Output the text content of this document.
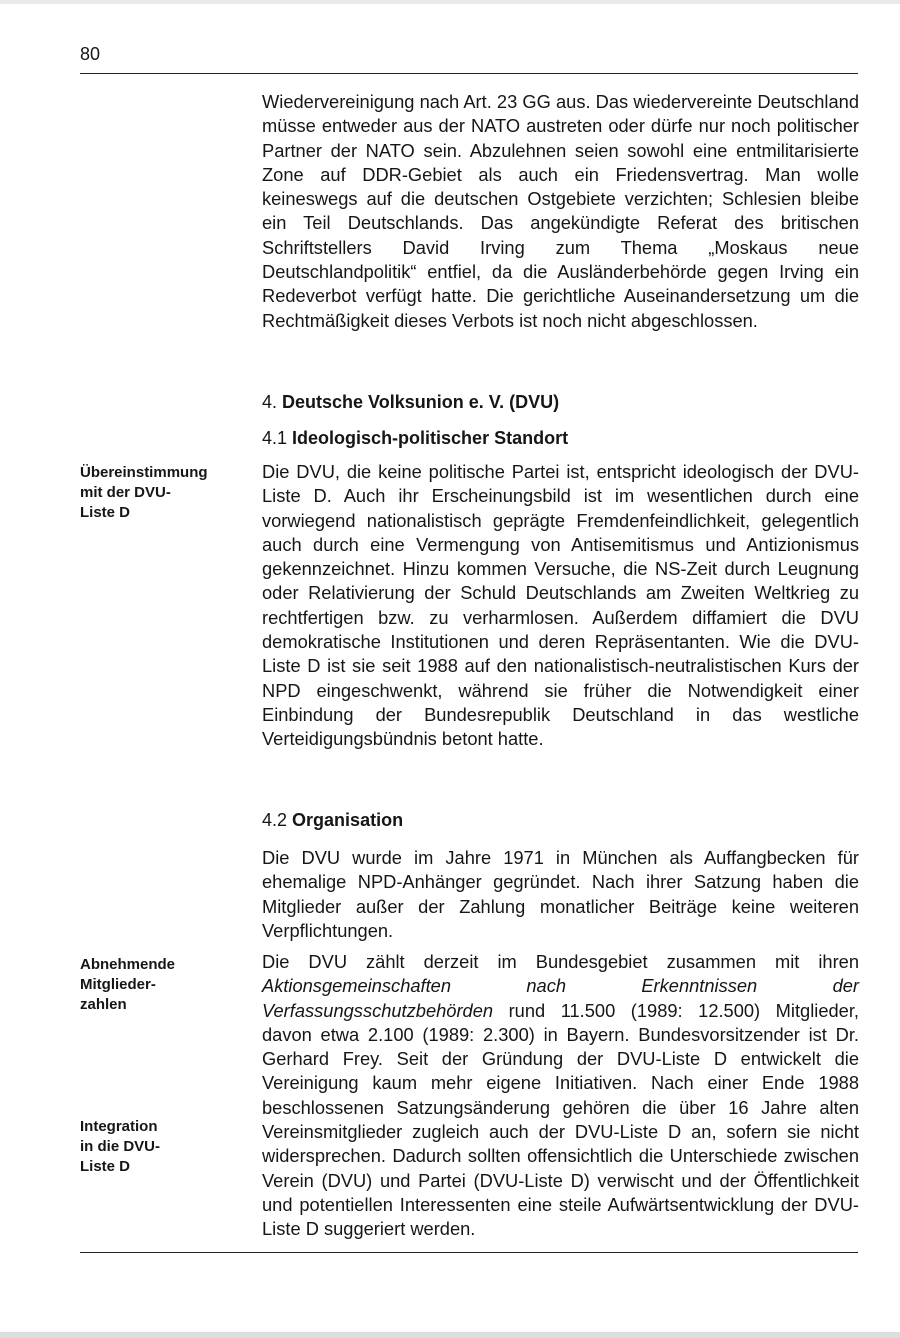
80

Wiedervereinigung nach Art. 23 GG aus. Das wiedervereinte Deutschland müsse entweder aus der NATO austreten oder dürfe nur noch politischer Partner der NATO sein. Abzulehnen seien sowohl eine entmilitarisierte Zone auf DDR-Gebiet als auch ein Friedensvertrag. Man wolle keineswegs auf die deutschen Ostgebiete verzichten; Schlesien bleibe ein Teil Deutschlands. Das angekündigte Referat des britischen Schriftstellers David Irving zum Thema „Moskaus neue Deutschlandpolitik“ entfiel, da die Ausländerbehörde gegen Irving ein Redeverbot verfügt hatte. Die gerichtliche Auseinandersetzung um die Rechtmäßigkeit dieses Verbots ist noch nicht abgeschlossen.

4. Deutsche Volksunion e. V. (DVU)
4.1 Ideologisch-politischer Standort
Übereinstimmung
mit der DVU-
Liste D

Die DVU, die keine politische Partei ist, entspricht ideologisch der DVU-Liste D. Auch ihr Erscheinungsbild ist im wesentlichen durch eine vorwiegend nationalistisch geprägte Fremdenfeindlichkeit, gelegentlich auch durch eine Vermengung von Antisemitismus und Antizionismus gekennzeichnet. Hinzu kommen Versuche, die NS-Zeit durch Leugnung oder Relativierung der Schuld Deutschlands am Zweiten Weltkrieg zu rechtfertigen bzw. zu verharmlosen. Außerdem diffamiert die DVU demokratische Institutionen und deren Repräsentanten. Wie die DVU-Liste D ist sie seit 1988 auf den nationalistisch-neutralistischen Kurs der NPD eingeschwenkt, während sie früher die Notwendigkeit einer Einbindung der Bundesrepublik Deutschland in das westliche Verteidigungsbündnis betont hatte.

4.2 Organisation

Die DVU wurde im Jahre 1971 in München als Auffangbecken für ehemalige NPD-Anhänger gegründet. Nach ihrer Satzung haben die Mitglieder außer der Zahlung monatlicher Beiträge keine weiteren Verpflichtungen.

Abnehmende
Mitglieder-
zahlen

Die DVU zählt derzeit im Bundesgebiet zusammen mit ihren Aktionsgemeinschaften nach Erkenntnissen der Verfassungsschutzbehörden rund 11.500 (1989: 12.500) Mitglieder, davon etwa 2.100 (1989: 2.300) in Bayern. Bundesvorsitzender ist Dr. Gerhard Frey. Seit der Gründung der DVU-Liste D entwickelt die Vereinigung kaum mehr eigene Initiativen. Nach einer Ende 1988 beschlossenen Satzungsänderung gehören die über 16 Jahre alten Vereinsmitglieder zugleich auch der DVU-Liste D an, sofern sie nicht widersprechen. Dadurch sollten offensichtlich die Unterschiede zwischen Verein (DVU) und Partei (DVU-Liste D) verwischt und der Öffentlichkeit und potentiellen Interessenten eine steile Aufwärtsentwicklung der DVU-Liste D suggeriert werden.

Integration
in die DVU-
Liste D
